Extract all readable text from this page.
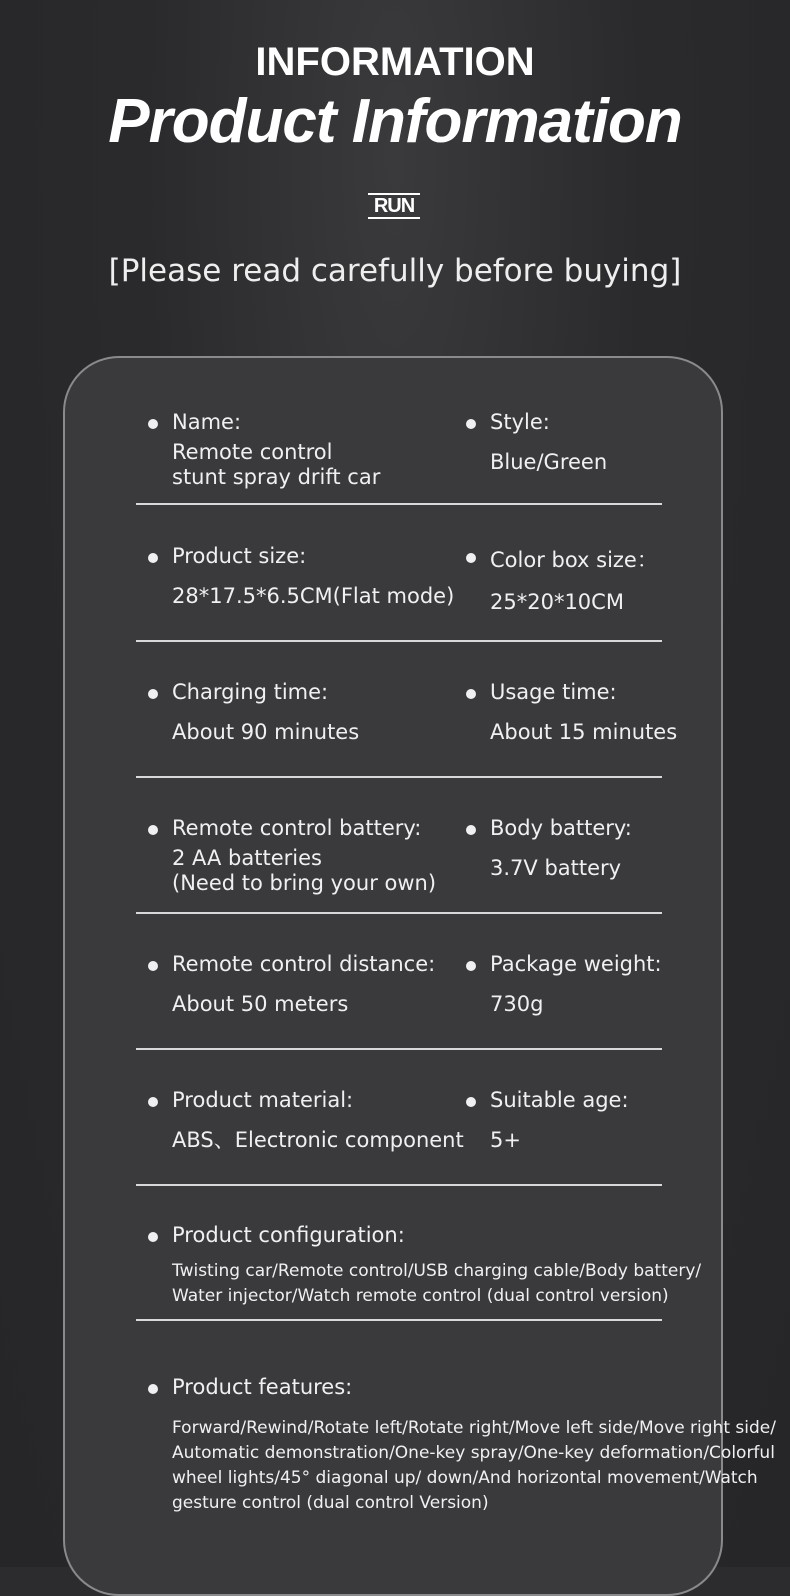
INFORMATION
Product Information
RUN
[Please read carefully before buying]
Name:
Remote control
stunt spray drift car
Style:
Blue/Green
Product size:
28*17.5*6.5CM(Flat mode)
Color box size：
25*20*10CM
Charging time:
About 90 minutes
Usage time:
About 15 minutes
Remote control battery:
2 AA batteries
(Need to bring your own)
Body battery:
3.7V battery
Remote control distance:
About 50 meters
Package weight:
730g
Product material:
ABS、Electronic component
Suitable age:
5+
Product configuration:
Twisting car/Remote control/USB charging cable/Body battery/
Water injector/Watch remote control (dual control version)
Product features:
Forward/Rewind/Rotate left/Rotate right/Move left side/Move right side/
Automatic demonstration/One-key spray/One-key deformation/Colorful
wheel lights/45° diagonal up/ down/And horizontal movement/Watch
gesture control (dual control Version)
